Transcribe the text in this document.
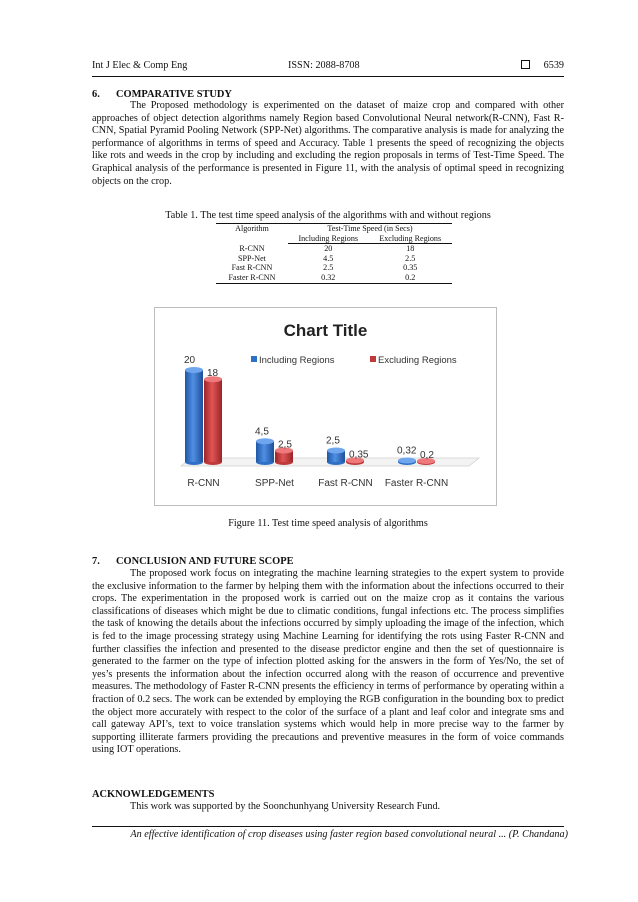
Int J Elec & Comp Eng	ISSN: 2088-8708	6539
6. COMPARATIVE STUDY

The Proposed methodology is experimented on the dataset of maize crop and compared with other approaches of object detection algorithms namely Region based Convolutional Neural network(R-CNN), Fast R-CNN, Spatial Pyramid Pooling Network (SPP-Net) algorithms. The comparative analysis is made for analyzing the performance of algorithms in terms of speed and Accuracy. Table 1 presents the speed of recognizing the objects like rots and weeds in the crop by including and excluding the region proposals in terms of Test-Time Speed. The Graphical analysis of the performance is presented in Figure 11, with the analysis of optimal speed in recognizing objects on the crop.

Table 1. The test time speed analysis of the algorithms with and without regions
Algorithm	Test-Time Speed (in Secs)	
	Including Regions	Excluding Regions
R-CNN	20	18
SPP-Net	4.5	2.5
Fast R-CNN	2.5	0.35
Faster R-CNN	0.32	0.2
Chart Title
Including Regions	Excluding Regions
20
18
4,5
2,5	2,5
0,35	0,32 0,2
R-CNN	SPP-Net Fast R-CNN Faster R-CNN
Figure 11. Test time speed analysis of algorithms
7. CONCLUSION AND FUTURE SCOPE

The proposed work focus on integrating the machine learning strategies to the expert system to provide the exclusive information to the farmer by helping them with the information about the infections occurred to their crops. The experimentation in the proposed work is carried out on the maize crop as it contains the various classifications of diseases which might be due to climatic conditions, fungal infections etc. The process simplifies the task of knowing the details about the infections occurred by simply uploading the image of the infection, which is fed to the image processing strategy using Machine Learning for identifying the rots using Faster R-CNN and further classifies the infection and presented to the disease predictor engine and then the set of questionnaire is generated to the farmer on the type of infection plotted asking for the answers in the form of Yes/No, the set of yes’s presents the information about the infection occurred along with the reason of occurrence and preventive measures. The methodology of Faster R-CNN presents the efficiency in terms of performance by operating within a fraction of 0.2 secs. The work can be extended by employing the RGB configuration in the bounding box to predict the object more accurately with respect to the color of the surface of a plant and leaf color and integrate sms and call gateway API’s, text to voice translation systems which would help in more precise way to the farmer by supporting illiterate farmers providing the precautions and preventive measures in the form of voice commands using IOT operations.

ACKNOWLEDGEMENTS

This work was supported by the Soonchunhyang University Research Fund.

An effective identification of crop diseases using faster region based convolutional neural ... (P. Chandana)
